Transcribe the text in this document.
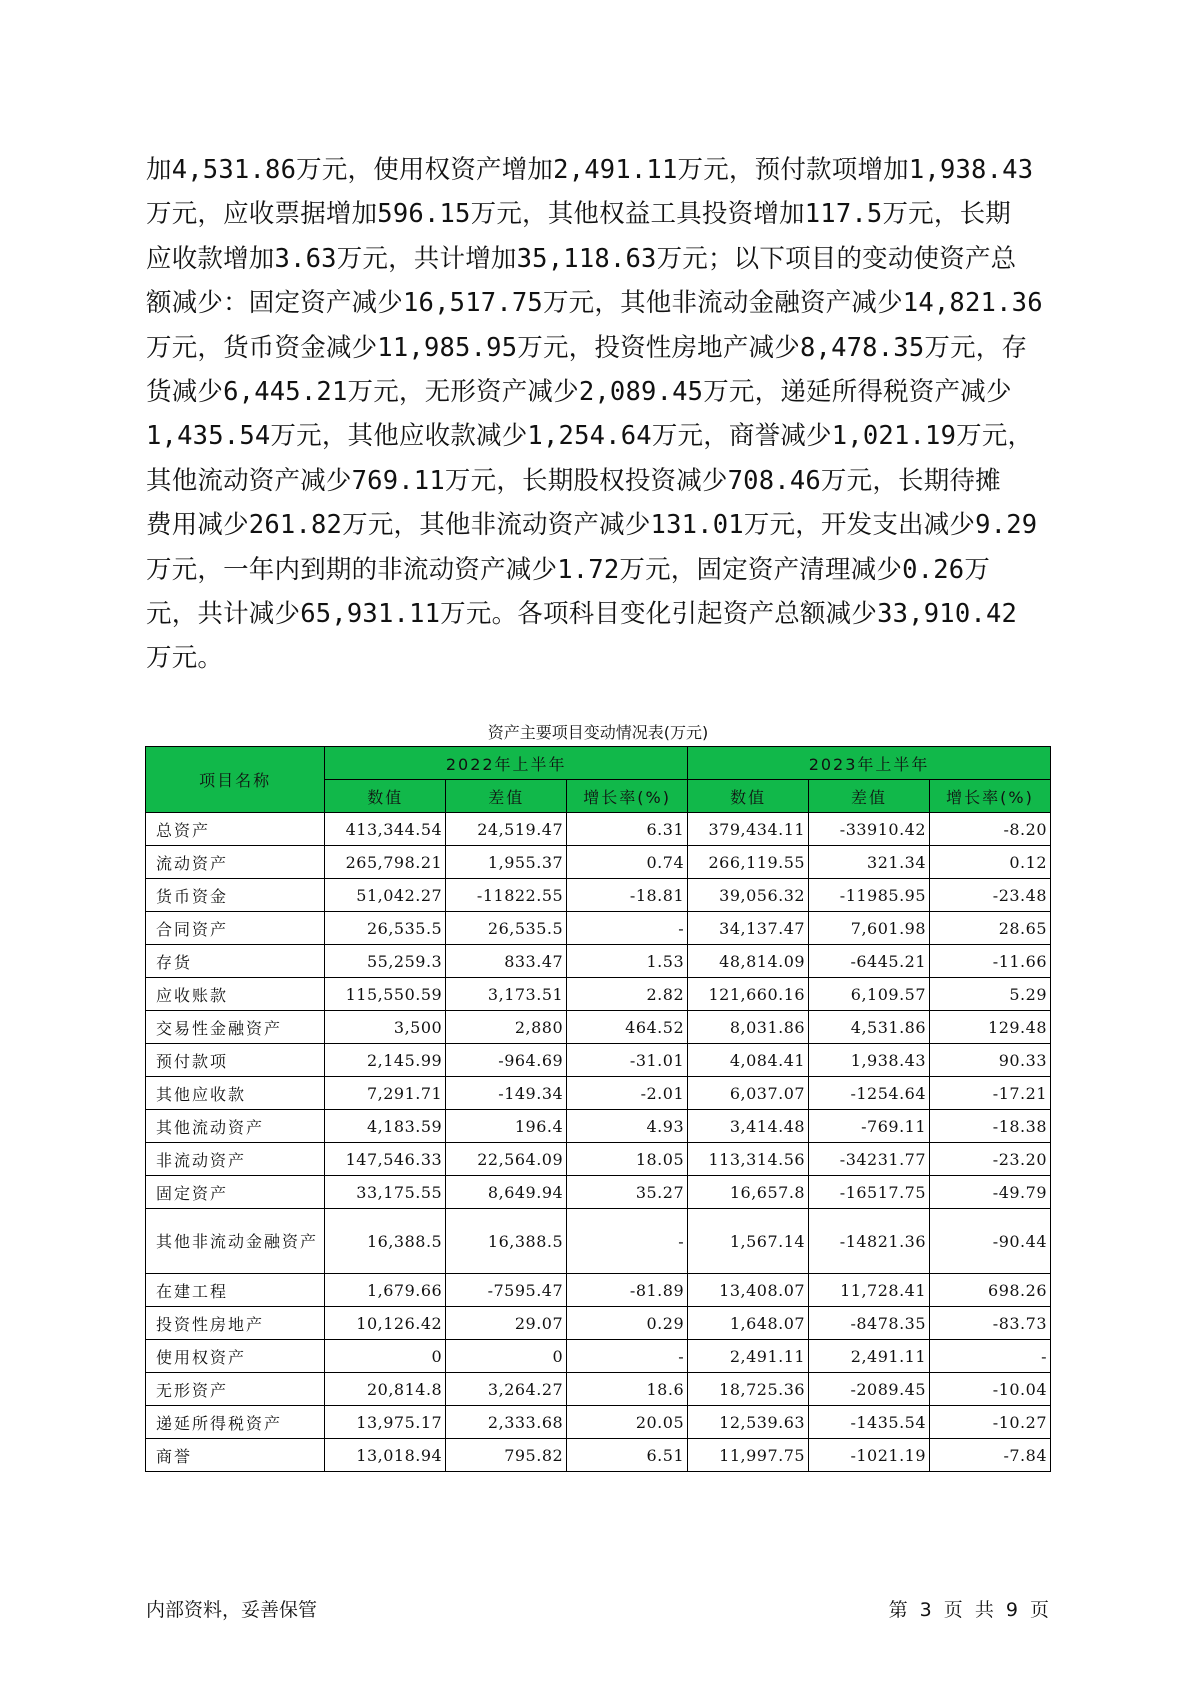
加4,531.86万元，使用权资产增加2,491.11万元，预付款项增加1,938.43
万元，应收票据增加596.15万元，其他权益工具投资增加117.5万元，长期
应收款增加3.63万元，共计增加35,118.63万元；以下项目的变动使资产总
额减少：固定资产减少16,517.75万元，其他非流动金融资产减少14,821.36
万元，货币资金减少11,985.95万元，投资性房地产减少8,478.35万元，存
货减少6,445.21万元，无形资产减少2,089.45万元，递延所得税资产减少
1,435.54万元，其他应收款减少1,254.64万元，商誉减少1,021.19万元，
其他流动资产减少769.11万元，长期股权投资减少708.46万元，长期待摊
费用减少261.82万元，其他非流动资产减少131.01万元，开发支出减少9.29
万元，一年内到期的非流动资产减少1.72万元，固定资产清理减少0.26万
元，共计减少65,931.11万元。各项科目变化引起资产总额减少33,910.42
万元。
资产主要项目变动情况表(万元)
项目名称	2022年上半年			2023年上半年		
	数值	差值	增长率(%)	数值	差值	增长率(%)
总资产	413,344.54	24,519.47	6.31	379,434.11	-33910.42	-8.20
流动资产	265,798.21	1,955.37	0.74	266,119.55	321.34	0.12
货币资金	51,042.27	-11822.55	-18.81	39,056.32	-11985.95	-23.48
合同资产	26,535.5	26,535.5	-	34,137.47	7,601.98	28.65
存货	55,259.3	833.47	1.53	48,814.09	-6445.21	-11.66
应收账款	115,550.59	3,173.51	2.82	121,660.16	6,109.57	5.29
交易性金融资产	3,500	2,880	464.52	8,031.86	4,531.86	129.48
预付款项	2,145.99	-964.69	-31.01	4,084.41	1,938.43	90.33
其他应收款	7,291.71	-149.34	-2.01	6,037.07	-1254.64	-17.21
其他流动资产	4,183.59	196.4	4.93	3,414.48	-769.11	-18.38
非流动资产	147,546.33	22,564.09	18.05	113,314.56	-34231.77	-23.20
固定资产	33,175.55	8,649.94	35.27	16,657.8	-16517.75	-49.79
其他非流动金融资产	16,388.5	16,388.5	-	1,567.14	-14821.36	-90.44
在建工程	1,679.66	-7595.47	-81.89	13,408.07	11,728.41	698.26
投资性房地产	10,126.42	29.07	0.29	1,648.07	-8478.35	-83.73
使用权资产	0	0	-	2,491.11	2,491.11	-
无形资产	20,814.8	3,264.27	18.6	18,725.36	-2089.45	-10.04
递延所得税资产	13,975.17	2,333.68	20.05	12,539.63	-1435.54	-10.27
商誉	13,018.94	795.82	6.51	11,997.75	-1021.19	-7.84
内部资料，妥善保管	第 3 页 共 9 页
